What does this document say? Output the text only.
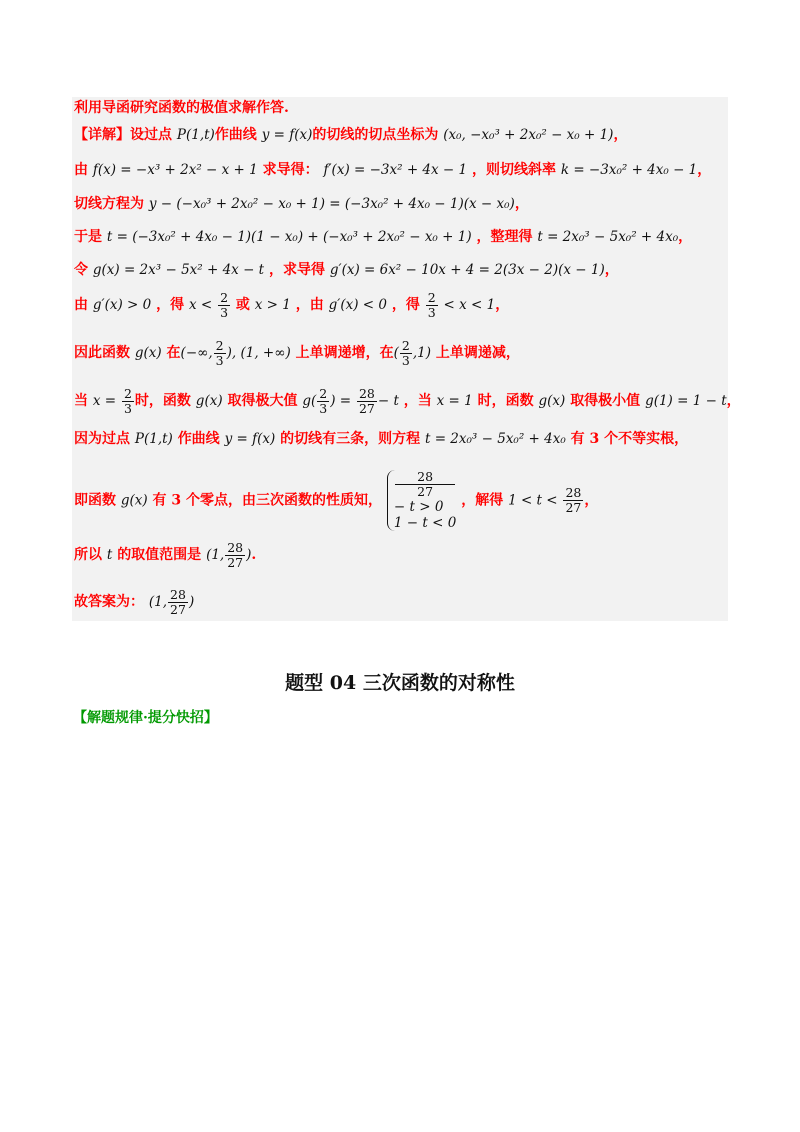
利用导函研究函数的极值求解作答.
【详解】设过点 P(1,t)作曲线 y = f(x)的切线的切点坐标为 (x₀, −x₀³ + 2x₀² − x₀ + 1)，
由 f(x) = −x³ + 2x² − x + 1 求导得： f′(x) = −3x² + 4x − 1 ，则切线斜率 k = −3x₀² + 4x₀ − 1，
切线方程为 y − (−x₀³ + 2x₀² − x₀ + 1) = (−3x₀² + 4x₀ − 1)(x − x₀)，
于是 t = (−3x₀² + 4x₀ − 1)(1 − x₀) + (−x₀³ + 2x₀² − x₀ + 1) ，整理得 t = 2x₀³ − 5x₀² + 4x₀，
令 g(x) = 2x³ − 5x² + 4x − t ，求导得 g′(x) = 6x² − 10x + 4 = 2(3x − 2)(x − 1)，
由 g′(x) > 0 ，得 $x < \frac{2}{3}$ 或 x > 1 ，由 g′(x) < 0 ，得 $\frac{2}{3} < x < 1$，
因此函数 g(x) 在(−∞, $\frac{2}{3}$ ), (1, +∞) 上单调递增，在( $\frac{2}{3} ,1$) 上单调递减，
当 $x = \frac{2}{3}$ 时，函数 g(x) 取得极大值 $g( \frac{2}{3}$ ) = $\frac{28}{27} - t$ ，当 x = 1 时，函数 g(x) 取得极小值 g(1) = 1 − t，
因为过点 P(1,t) 作曲线 y = f(x) 的切线有三条，则方程 t = 2x₀³ − 5x₀² + 4x₀ 有 3 个不等实根，
即函数 g(x) 有 3 个零点，由三次函数的性质知，
28
27
− t > 0
1 − t < 0
，解得 $1 < t < \frac{28}{27}$ ，
所以 t 的取值范围是 (1, $\frac{28}{27}$ ).
故答案为： (1, $\frac{28}{27}$ )
题型 04 三次函数的对称性
【解题规律·提分快招】
